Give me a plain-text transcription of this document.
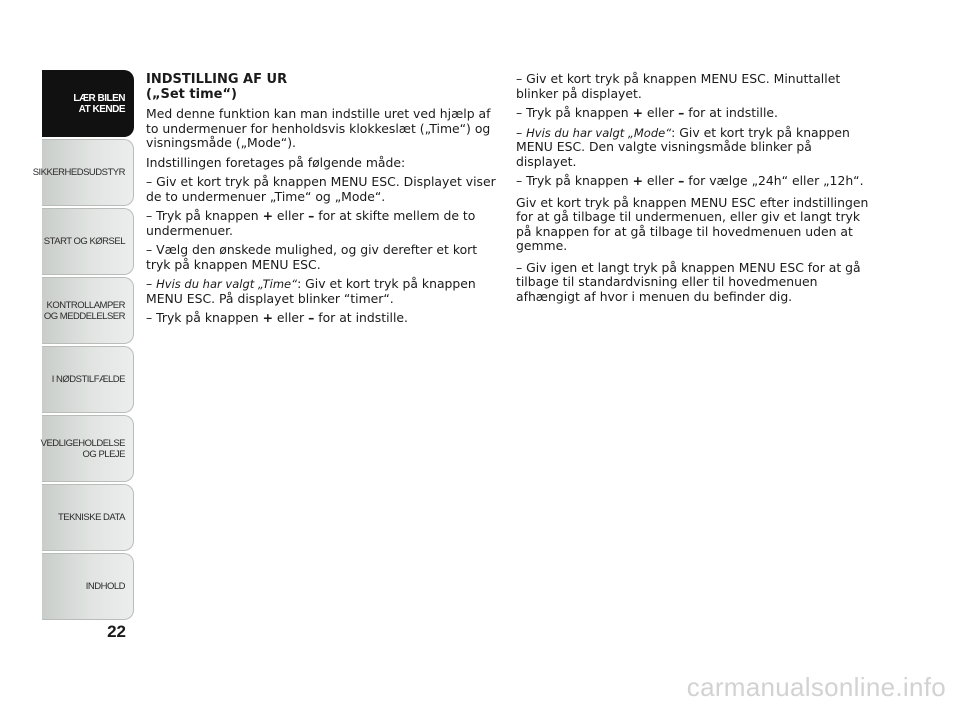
LÆR BILEN
AT KENDE
SIKKERHEDSUDSTYR
START OG KØRSEL
KONTROLLAMPER
OG MEDDELELSER
I NØDSTILFÆLDE
VEDLIGEHOLDELSE
OG PLEJE
TEKNISKE DATA
INDHOLD
22
INDSTILLING AF UR
(„Set time“)

Med denne funktion kan man indstille uret ved hjælp af to undermenuer for henholdsvis klokkeslæt („Time“) og visningsmåde („Mode“).

Indstillingen foretages på følgende måde:

– Giv et kort tryk på knappen MENU ESC. Displayet viser de to undermenuer „Time“ og „Mode“.

– Tryk på knappen + eller – for at skifte mellem de to undermenuer.

– Vælg den ønskede mulighed, og giv derefter et kort tryk på knappen MENU ESC.

– Hvis du har valgt „Time“: Giv et kort tryk på knappen MENU ESC. På displayet blinker “timer“.

– Tryk på knappen + eller – for at indstille.

– Giv et kort tryk på knappen MENU ESC. Minuttallet blinker på displayet.

– Tryk på knappen + eller – for at indstille.

– Hvis du har valgt „Mode“: Giv et kort tryk på knappen MENU ESC. Den valgte visningsmåde blinker på displayet.

– Tryk på knappen + eller – for vælge „24h“ eller „12h“.

Giv et kort tryk på knappen MENU ESC efter indstillingen for at gå tilbage til undermenuen, eller giv et langt tryk på knappen for at gå tilbage til hovedmenuen uden at gemme.

– Giv igen et langt tryk på knappen MENU ESC for at gå tilbage til standardvisning eller til hovedmenuen afhængigt af hvor i menuen du befinder dig.

carmanualsonline.info
